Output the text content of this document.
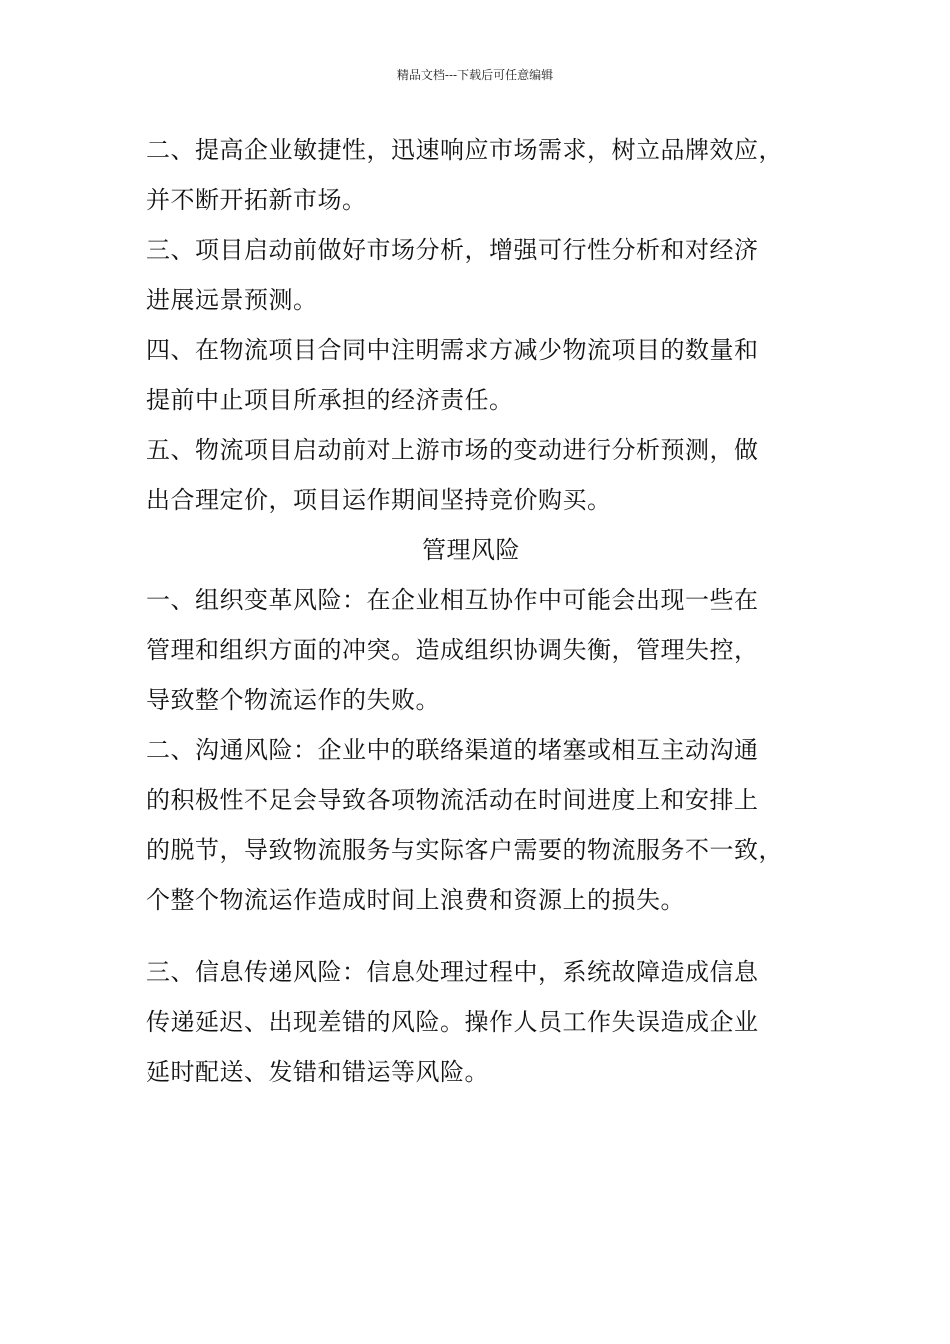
精品文档---下载后可任意编辑

二、提高企业敏捷性，迅速响应市场需求，树立品牌效应，
并不断开拓新市场。

三、项目启动前做好市场分析，增强可行性分析和对经济
进展远景预测。

四、在物流项目合同中注明需求方减少物流项目的数量和
提前中止项目所承担的经济责任。

五、物流项目启动前对上游市场的变动进行分析预测，做
出合理定价，项目运作期间坚持竞价购买。

管理风险

一、组织变革风险：在企业相互协作中可能会出现一些在
管理和组织方面的冲突。造成组织协调失衡，管理失控，
导致整个物流运作的失败。

二、沟通风险：企业中的联络渠道的堵塞或相互主动沟通
的积极性不足会导致各项物流活动在时间进度上和安排上
的脱节，导致物流服务与实际客户需要的物流服务不一致，
个整个物流运作造成时间上浪费和资源上的损失。

三、信息传递风险：信息处理过程中，系统故障造成信息
传递延迟、出现差错的风险。操作人员工作失误造成企业
延时配送、发错和错运等风险。
